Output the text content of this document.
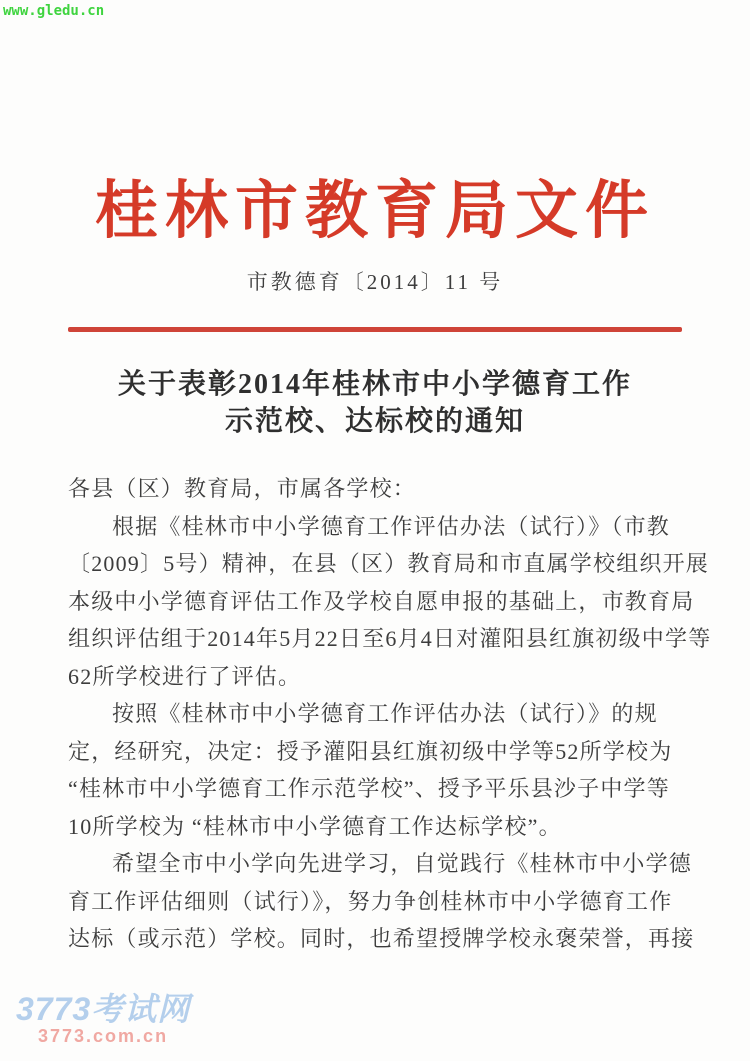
www.gledu.cn
桂林市教育局文件
市教德育〔2014〕11 号
关于表彰2014年桂林市中小学德育工作
示范校、达标校的通知
各县（区）教育局，市属各学校：
根据《桂林市中小学德育工作评估办法（试行）》（市教
〔2009〕5号）精神，在县（区）教育局和市直属学校组织开展
本级中小学德育评估工作及学校自愿申报的基础上，市教育局
组织评估组于2014年5月22日至6月4日对灌阳县红旗初级中学等
62所学校进行了评估。
按照《桂林市中小学德育工作评估办法（试行）》的规
定，经研究，决定：授予灌阳县红旗初级中学等52所学校为
“桂林市中小学德育工作示范学校”、授予平乐县沙子中学等
10所学校为 “桂林市中小学德育工作达标学校”。
希望全市中小学向先进学习，自觉践行《桂林市中小学德
育工作评估细则（试行）》，努力争创桂林市中小学德育工作
达标（或示范）学校。同时，也希望授牌学校永褒荣誉，再接
3773考试网
3773.com.cn
